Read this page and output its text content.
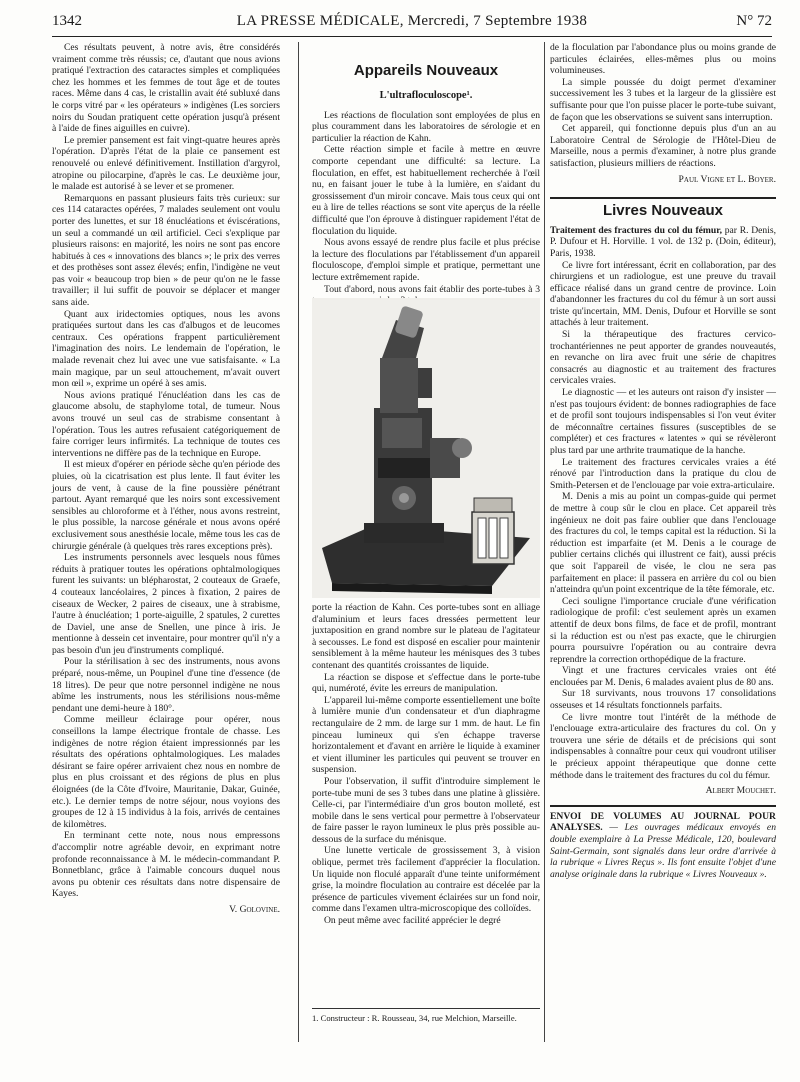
1342	LA PRESSE MÉDICALE, Mercredi, 7 Septembre 1938	N° 72

Ces résultats peuvent, à notre avis, être considérés vraiment comme très réussis; ce, d'autant que nous avions pratiqué l'extraction des cataractes simples et compliquées chez les hommes et les femmes de tout âge et de toutes races. Même dans 4 cas, le cristallin avait été subluxé dans le corps vitré par « les opérateurs » indigènes (Les sorciers noirs du Soudan pratiquent cette opération jusqu'à présent à l'aide de fines aiguilles en cuivre).

Le premier pansement est fait vingt-quatre heures après l'opération. D'après l'état de la plaie ce pansement est renouvelé ou enlevé définitivement. Instillation d'argyrol, atropine ou pilocarpine, d'après le cas. Le deuxième jour, le malade est autorisé à se lever et se promener.

Remarquons en passant plusieurs faits très curieux: sur ces 114 cataractes opérées, 7 malades seulement ont voulu porter des lunettes, et sur 18 énucléations et éviscérations, un seul a commandé un œil artificiel. Ceci s'explique par plusieurs raisons: en majorité, les noirs ne sont pas encore habitués à ces « innovations des blancs »; le prix des verres et des prothèses sont assez élevés; enfin, l'indigène ne veut pas voir « beaucoup trop bien » de peur qu'on ne le fasse travailler; il lui suffit de pouvoir se déplacer et manger sans aide.

Quant aux iridectomies optiques, nous les avons pratiquées surtout dans les cas d'albugos et de leucomes centraux. Ces opérations frappent particulièrement l'imagination des noirs. Le lendemain de l'opération, le malade revenait chez lui avec une vue satisfaisante. « La main magique, par un seul attouchement, m'avait ouvert mon œil », exprime un opéré à ses amis.

Nous avions pratiqué l'énucléation dans les cas de glaucome absolu, de staphylome total, de tumeur. Nous avons trouvé un seul cas de strabisme consentant à l'opération. Tous les autres refusaient catégoriquement de faire corriger leurs infirmités. La technique de toutes ces interventions ne diffère pas de la technique en Europe.

Il est mieux d'opérer en période sèche qu'en période des pluies, où la cicatrisation est plus lente. Il faut éviter les jours de vent, à cause de la fine poussière pénétrant partout. Ayant remarqué que les noirs sont excessivement sensibles au chloroforme et à l'éther, nous avons restreint, le plus possible, la narcose générale et nous avons opéré exclusivement sous anesthésie locale, même tous les cas de chirurgie générale (à quelques très rares exceptions près).

Les instruments personnels avec lesquels nous fûmes réduits à pratiquer toutes les opérations ophtalmologiques furent les suivants: un blépharostat, 2 couteaux de Graefe, 4 couteaux lancéolaires, 2 pinces à fixation, 2 paires de ciseaux de Wecker, 2 paires de ciseaux, une à strabisme, l'autre à énucléation; 1 porte-aiguille, 2 spatules, 2 curettes de Daviel, une anse de Snellen, une pince à iris. Je mentionne à dessein cet inventaire, pour montrer qu'il n'y a pas besoin d'un jeu d'instruments compliqué.

Pour la stérilisation à sec des instruments, nous avons préparé, nous-même, un Poupinel d'une tine d'essence (de 18 litres). De peur que notre personnel indigène ne nous abîme les instruments, nous les stérilisions nous-même pendant une demi-heure à 180°.

Comme meilleur éclairage pour opérer, nous conseillons la lampe électrique frontale de chasse. Les indigènes de notre région étaient impressionnés par les résultats des opérations ophtalmologiques. Les malades désirant se faire opérer arrivaient chez nous en nombre de plus en plus croissant et des régions de plus en plus éloignées (de la Côte d'Ivoire, Mauritanie, Dakar, Guinée, etc.). Le dernier temps de notre séjour, nous voyions des groupes de 12 à 15 individus à la fois, arrivés de centaines de kilomètres.

En terminant cette note, nous nous empressons d'accomplir notre agréable devoir, en exprimant notre profonde reconnaissance à M. le médecin-commandant P. Bonnetblanc, grâce à l'aimable concours duquel nous avons pu obtenir ces résultats dans notre dispensaire de Kayes.

V. Golovine.

Appareils Nouveaux
L'ultrafloculoscope¹.

Les réactions de floculation sont employées de plus en plus couramment dans les laboratoires de sérologie et en particulier la réaction de Kahn.

Cette réaction simple et facile à mettre en œuvre comporte cependant une difficulté: sa lecture. La floculation, en effet, est habituellement recherchée à l'œil nu, en faisant jouer le tube à la lumière, en s'aidant du grossissement d'un miroir concave. Mais tous ceux qui ont eu à lire de telles réactions se sont vite aperçus de la réelle difficulté que l'on éprouve à distinguer rapidement l'état de floculation du liquide.

Nous avons essayé de rendre plus facile et plus précise la lecture des floculations par l'établissement d'un appareil floculoscope, d'emploi simple et pratique, permettant une lecture extrêmement rapide.

Tout d'abord, nous avons fait établir des porte-tubes à 3

porte la réaction de Kahn. Ces porte-tubes sont en alliage d'aluminium et leurs faces dressées permettent leur juxtaposition en grand nombre sur le plateau de l'agitateur à secousses. Le fond est disposé en escalier pour maintenir sensiblement à la même hauteur les ménisques des 3 tubes contenant des quantités croissantes de liquide.

La réaction se dispose et s'effectue dans le porte-tube qui, numéroté, évite les erreurs de manipulation.

L'appareil lui-même comporte essentiellement une boîte à lumière munie d'un condensateur et d'un diaphragme rectangulaire de 2 mm. de large sur 1 mm. de haut. Le fin pinceau lumineux qui s'en échappe traverse horizontalement et d'avant en arrière le liquide à examiner et vient illuminer les particules qui peuvent se trouver en suspension.

Pour l'observation, il suffit d'introduire simplement le porte-tube muni de ses 3 tubes dans une platine à glissière. Celle-ci, par l'intermédiaire d'un gros bouton molleté, est mobile dans le sens vertical pour permettre à l'observateur de faire passer le rayon lumineux le plus près possible au-dessous de la surface du ménisque.

Une lunette verticale de grossissement 3, à vision oblique, permet très facilement d'apprécier la floculation. Un liquide non floculé apparaît d'une teinte uniformément grise, la moindre floculation au contraire est décelée par la présence de particules vivement éclairées sur un fond noir, comme dans l'examen ultra-microscopique des colloïdes.

On peut même avec facilité apprécier le degré

1. Constructeur : R. Rousseau, 34, rue Melchion, Marseille.

de la floculation par l'abondance plus ou moins grande de particules éclairées, elles-mêmes plus ou moins volumineuses.

La simple poussée du doigt permet d'examiner successivement les 3 tubes et la largeur de la glissière est suffisante pour que l'on puisse placer le porte-tube suivant, de façon que les observations se suivent sans interruption.

Cet appareil, qui fonctionne depuis plus d'un an au Laboratoire Central de Sérologie de l'Hôtel-Dieu de Marseille, nous a permis d'examiner, à notre plus grande satisfaction, plusieurs milliers de réactions.

Paul Vigne et L. Boyer.

Livres Nouveaux

Traitement des fractures du col du fémur, par R. Denis, P. Dufour et H. Horville. 1 vol. de 132 p. (Doin, éditeur), Paris, 1938.

Ce livre fort intéressant, écrit en collaboration, par des chirurgiens et un radiologue, est une preuve du travail efficace réalisé dans un grand centre de province. Loin d'abandonner les fractures du col du fémur à un sort aussi triste qu'incertain, MM. Denis, Dufour et Horville se sont attachés à leur traitement.

Si la thérapeutique des fractures cervico-trochantériennes ne peut apporter de grandes nouveautés, en revanche on lira avec fruit une série de chapitres consacrés au diagnostic et au traitement des fractures cervicales vraies.

Le diagnostic — et les auteurs ont raison d'y insister — n'est pas toujours évident: de bonnes radiographies de face et de profil sont toujours indispensables si l'on veut éviter de méconnaître certaines fissures (susceptibles de se compléter) et ces fractures « latentes » qui se révèleront plus tard par une arthrite traumatique de la hanche.

Le traitement des fractures cervicales vraies a été rénové par l'introduction dans la pratique du clou de Smith-Petersen et de l'enclouage par voie extra-articulaire.

M. Denis a mis au point un compas-guide qui permet de mettre à coup sûr le clou en place. Cet appareil très ingénieux ne doit pas faire oublier que dans l'enclouage des fractures du col, le temps capital est la réduction. Si la réduction est imparfaite (et M. Denis a le courage de publier certains clichés qui illustrent ce fait), aussi précis que soit l'appareil de visée, le clou ne sera pas parfaitement en place: il passera en arrière du col ou bien n'atteindra qu'un point excentrique de la tête fémorale, etc.

Ceci souligne l'importance cruciale d'une vérification radiologique de profil: c'est seulement après un examen attentif de deux bons films, de face et de profil, montrant si la réduction est ou n'est pas exacte, que le chirurgien pourra poursuivre l'opération ou au contraire devra reprendre la correction orthopédique de la fracture.

Vingt et une fractures cervicales vraies ont été enclouées par M. Denis, 6 malades avaient plus de 80 ans.

Sur 18 survivants, nous trouvons 17 consolidations osseuses et 14 résultats fonctionnels parfaits.

Ce livre montre tout l'intérêt de la méthode de l'enclouage extra-articulaire des fractures du col. On y trouvera une série de détails et de précisions qui sont indispensables à connaître pour ceux qui voudront utiliser le précieux appoint thérapeutique que donne cette méthode dans le traitement des fractures du col du fémur.

Albert Mouchet.

ENVOI DE VOLUMES AU JOURNAL POUR ANALYSES. — Les ouvrages médicaux envoyés en double exemplaire à La Presse Médicale, 120, boulevard Saint-Germain, sont signalés dans leur ordre d'arrivée à la rubrique « Livres Reçus ». Ils font ensuite l'objet d'une analyse originale dans la rubrique « Livres Nouveaux ».
